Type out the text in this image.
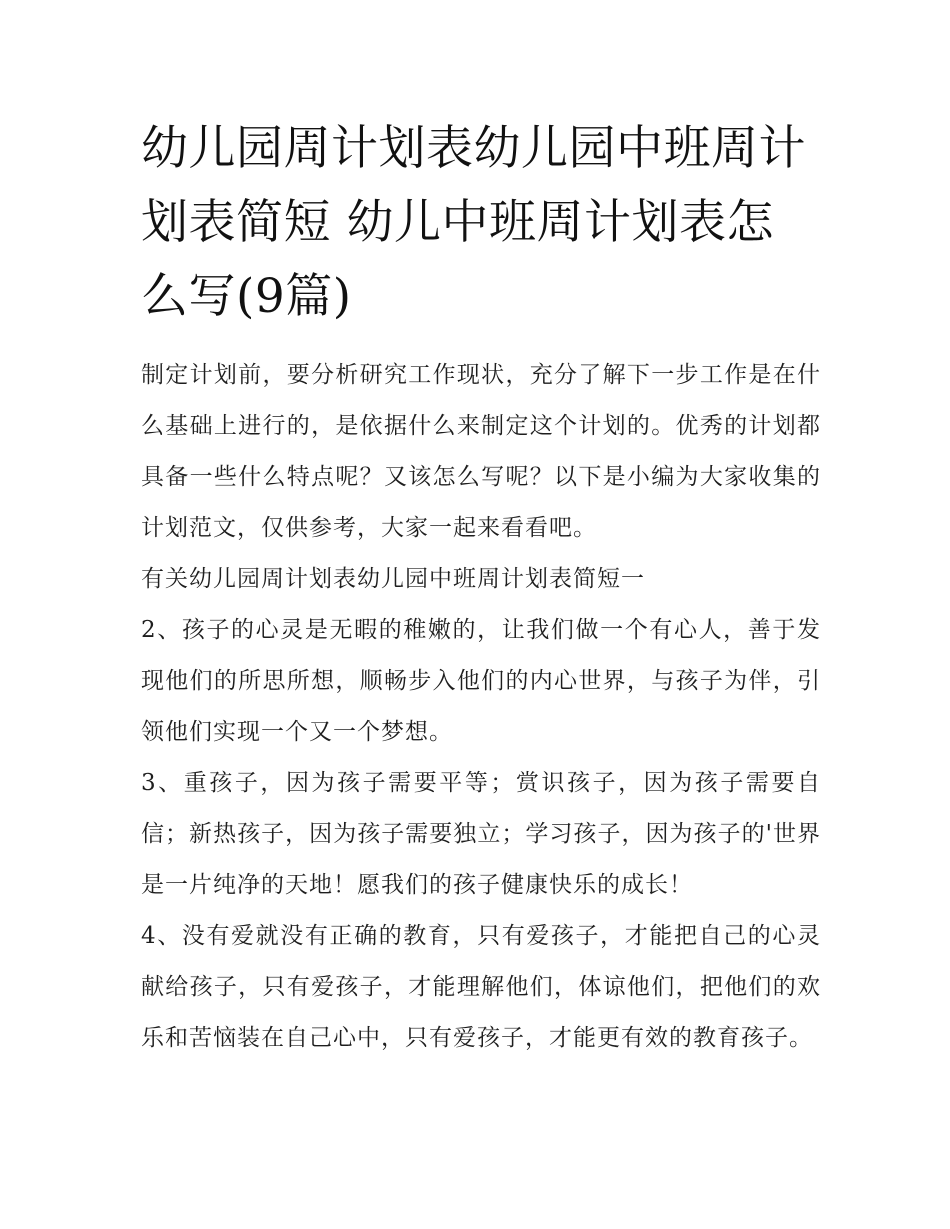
幼儿园周计划表幼儿园中班周计划表简短 幼儿中班周计划表怎么写(9篇)

制定计划前，要分析研究工作现状，充分了解下一步工作是在什么基础上进行的，是依据什么来制定这个计划的。优秀的计划都具备一些什么特点呢？又该怎么写呢？以下是小编为大家收集的计划范文，仅供参考，大家一起来看看吧。

有关幼儿园周计划表幼儿园中班周计划表简短一

2、孩子的心灵是无暇的稚嫩的，让我们做一个有心人，善于发现他们的所思所想，顺畅步入他们的内心世界，与孩子为伴，引领他们实现一个又一个梦想。

3、重孩子，因为孩子需要平等；赏识孩子，因为孩子需要自信；新热孩子，因为孩子需要独立；学习孩子，因为孩子的'世界是一片纯净的天地！愿我们的孩子健康快乐的成长！

4、没有爱就没有正确的教育，只有爱孩子，才能把自己的心灵献给孩子，只有爱孩子，才能理解他们，体谅他们，把他们的欢乐和苦恼装在自己心中，只有爱孩子，才能更有效的教育孩子。
